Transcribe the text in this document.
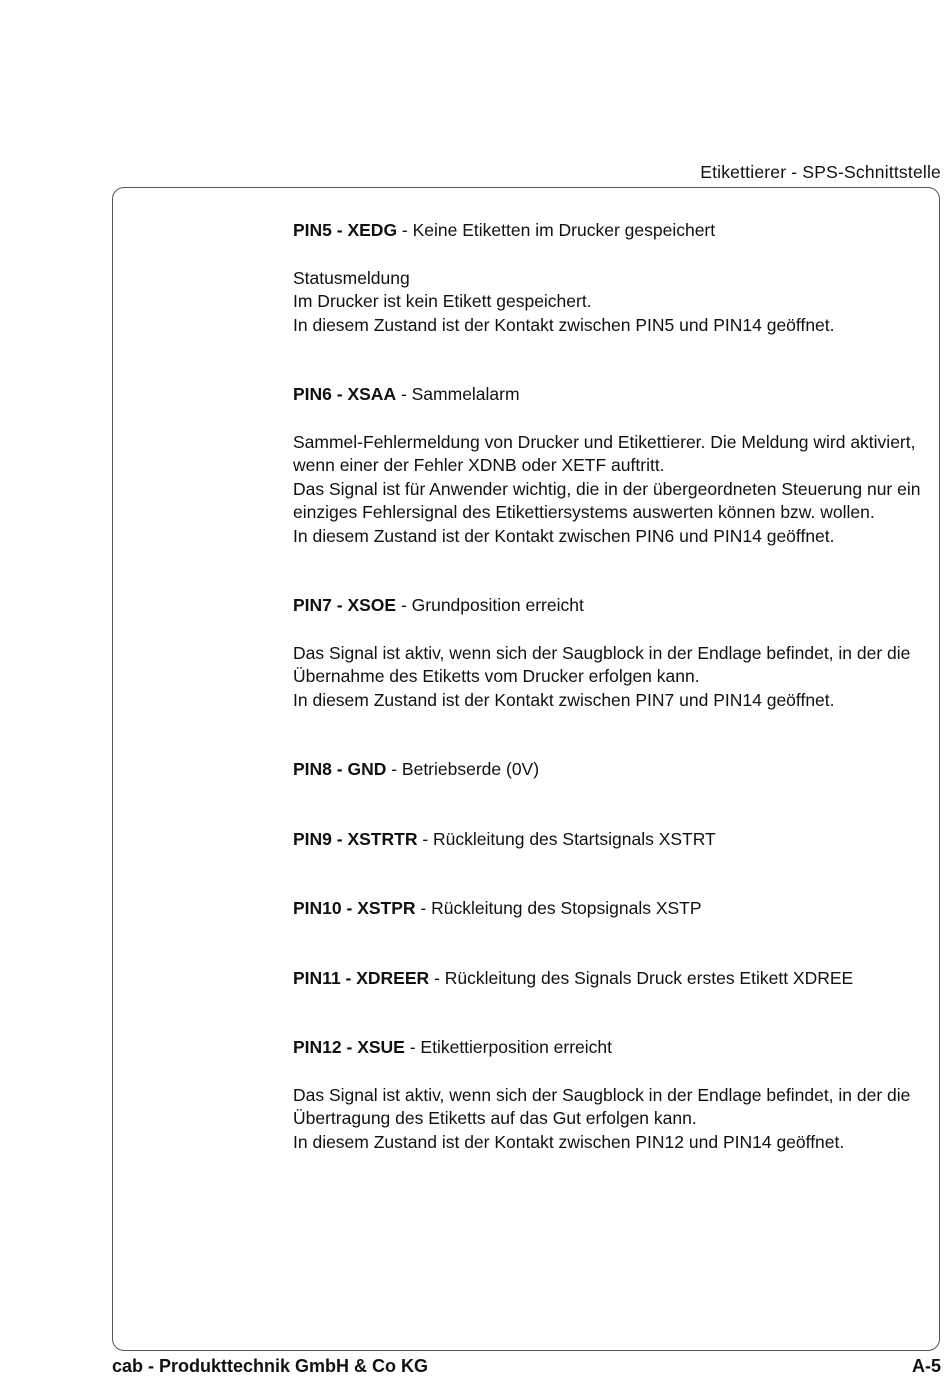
Etikettierer - SPS-Schnittstelle

PIN5 - XEDG - Keine Etiketten im Drucker gespeichert

Statusmeldung

Im Drucker ist kein Etikett gespeichert.

In diesem Zustand ist der Kontakt zwischen PIN5 und PIN14 geöffnet.

PIN6 - XSAA - Sammelalarm

Sammel-Fehlermeldung von Drucker und Etikettierer. Die Meldung wird aktiviert, wenn einer der Fehler XDNB oder XETF auftritt.

Das Signal ist für Anwender wichtig, die in der übergeordneten Steuerung nur ein einziges Fehlersignal des Etikettiersystems auswerten können bzw. wollen.

In diesem Zustand ist der Kontakt zwischen PIN6 und PIN14 geöffnet.

PIN7 - XSOE - Grundposition erreicht

Das Signal ist aktiv, wenn sich der Saugblock in der Endlage befindet, in der die Übernahme des Etiketts vom Drucker erfolgen kann.

In diesem Zustand ist der Kontakt zwischen PIN7 und PIN14 geöffnet.

PIN8 - GND - Betriebserde (0V)

PIN9 - XSTRTR - Rückleitung des Startsignals XSTRT

PIN10 - XSTPR - Rückleitung des Stopsignals XSTP

PIN11 - XDREER - Rückleitung des Signals Druck erstes Etikett XDREE

PIN12 - XSUE - Etikettierposition erreicht

Das Signal ist aktiv, wenn sich der Saugblock in der Endlage befindet, in der die Übertragung des Etiketts auf das Gut erfolgen kann.

In diesem Zustand ist der Kontakt zwischen PIN12 und PIN14 geöffnet.

cab - Produkttechnik GmbH & Co KG	A-5
